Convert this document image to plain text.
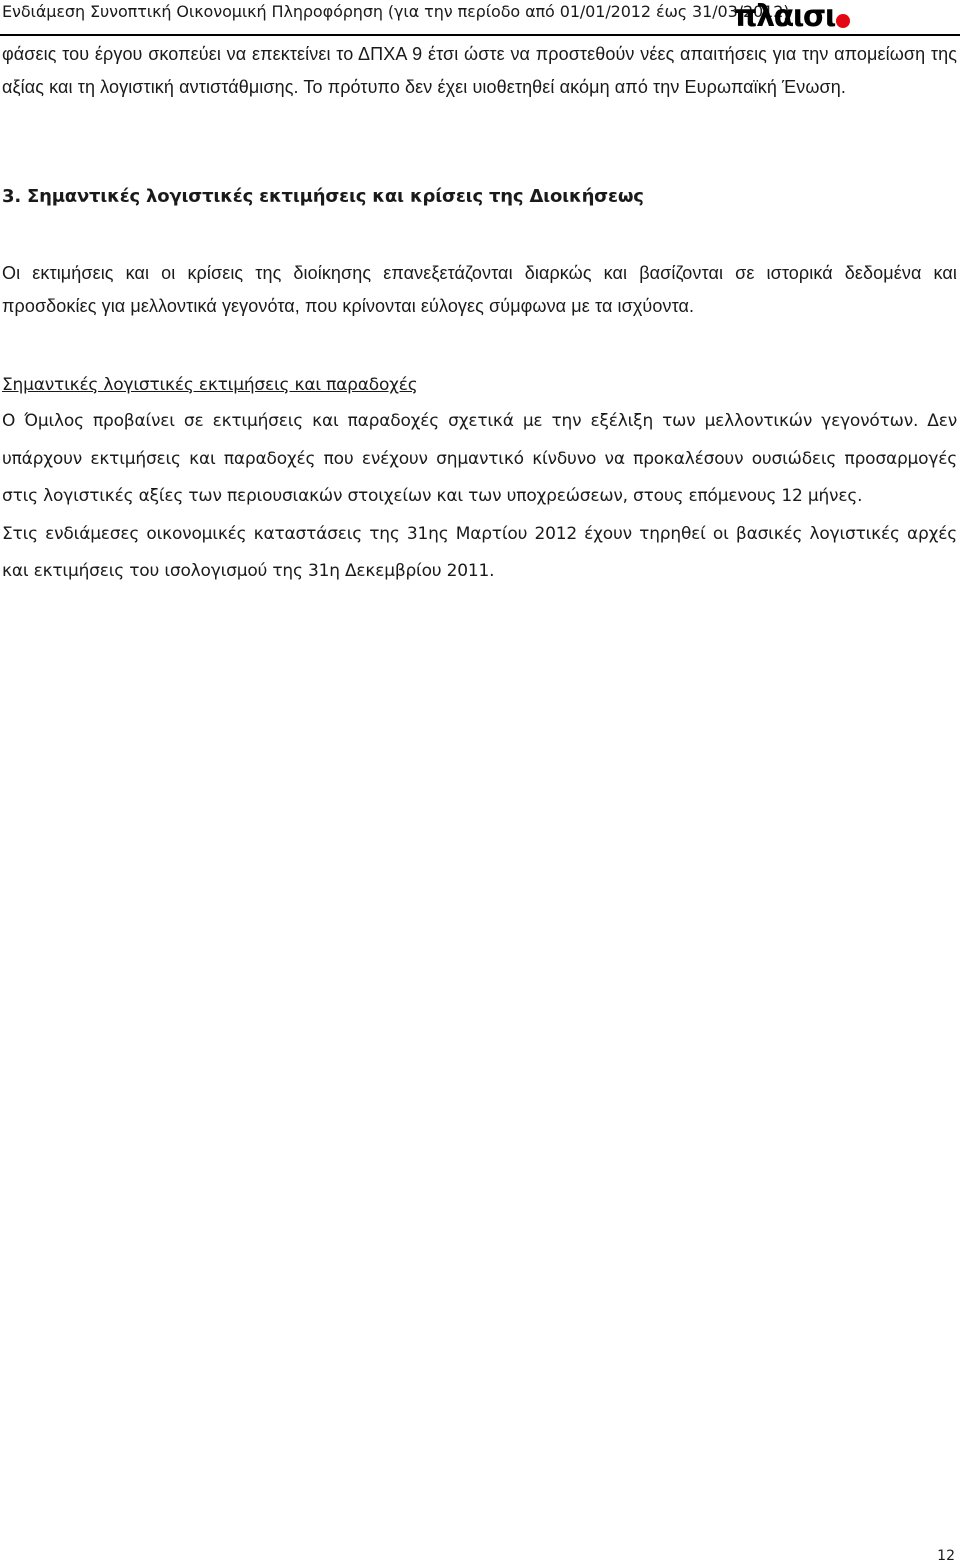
Ενδιάμεση Συνοπτική Οικονομική Πληροφόρηση (για την περίοδο από 01/01/2012 έως 31/03/2012)
πλαισι

φάσεις του έργου σκοπεύει να επεκτείνει το ΔΠΧΑ 9 έτσι ώστε να προστεθούν νέες απαιτήσεις για την απομείωση της αξίας και τη λογιστική αντιστάθμισης. Το πρότυπο δεν έχει υιοθετηθεί ακόμη από την Ευρωπαϊκή Ένωση.

3. Σημαντικές λογιστικές εκτιμήσεις και κρίσεις της Διοικήσεως

Οι εκτιμήσεις και οι κρίσεις της διοίκησης επανεξετάζονται διαρκώς και βασίζονται σε ιστορικά δεδομένα και προσδοκίες για μελλοντικά γεγονότα, που κρίνονται εύλογες σύμφωνα με τα ισχύοντα.

Σημαντικές λογιστικές εκτιμήσεις και παραδοχές

Ο Όμιλος προβαίνει σε εκτιμήσεις και παραδοχές σχετικά με την εξέλιξη των μελλοντικών γεγονότων. Δεν υπάρχουν εκτιμήσεις και παραδοχές που ενέχουν σημαντικό κίνδυνο να προκαλέσουν ουσιώδεις προσαρμογές στις λογιστικές αξίες των περιουσιακών στοιχείων και των υποχρεώσεων, στους επόμενους 12 μήνες.

Στις ενδιάμεσες οικονομικές καταστάσεις της 31ης Μαρτίου 2012 έχουν τηρηθεί οι βασικές λογιστικές αρχές και εκτιμήσεις του ισολογισμού της 31η Δεκεμβρίου 2011.

12
